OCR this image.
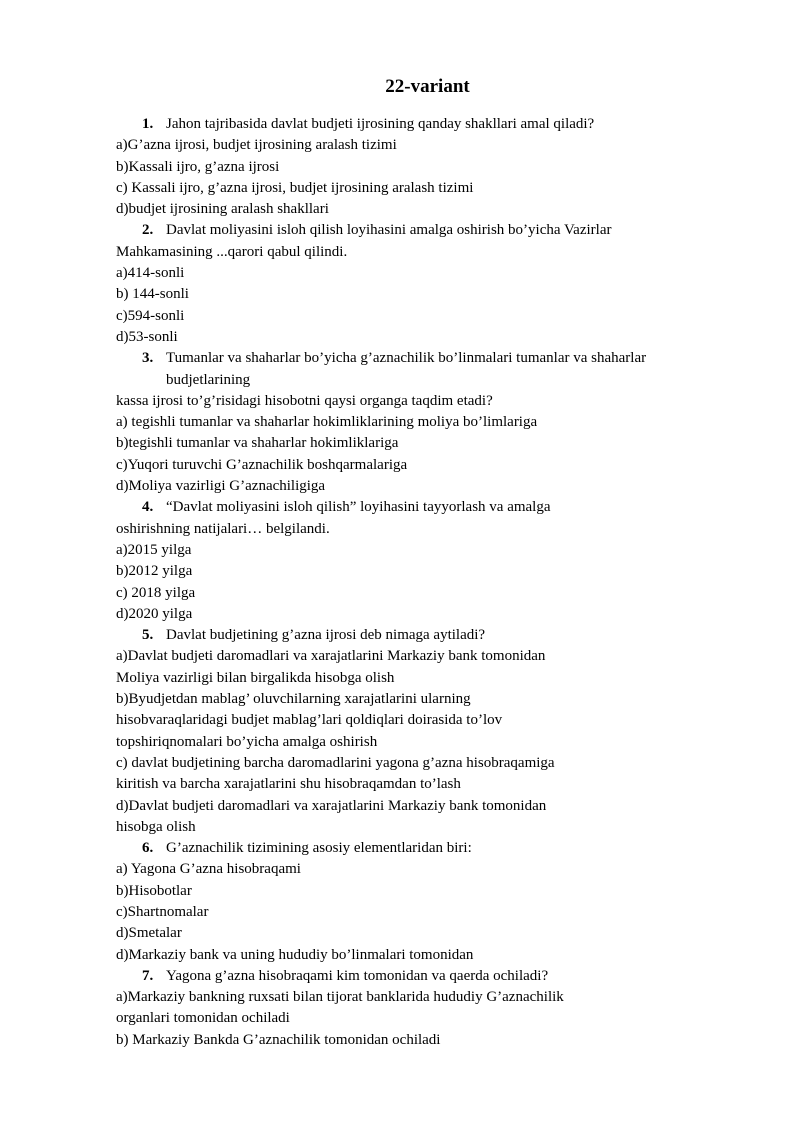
22-variant
1. Jahon tajribasida davlat budjeti ijrosining qanday shakllari amal qiladi?
a)G’azna ijrosi, budjet ijrosining aralash tizimi
b)Kassali ijro, g’azna ijrosi
c) Kassali ijro, g’azna ijrosi, budjet ijrosining aralash tizimi
d)budjet ijrosining aralash shakllari
2. Davlat moliyasini isloh qilish loyihasini amalga oshirish bo’yicha Vazirlar
Mahkamasining ...qarori qabul qilindi.
a)414-sonli
b) 144-sonli
c)594-sonli
d)53-sonli
3. Tumanlar va shaharlar bo’yicha g’aznachilik bo’linmalari tumanlar va shaharlar
budjetlarining
kassa ijrosi to’g’risidagi hisobotni qaysi organga taqdim etadi?
a) tegishli tumanlar va shaharlar hokimliklarining moliya bo’limlariga
b)tegishli tumanlar va shaharlar hokimliklariga
c)Yuqori turuvchi G’aznachilik boshqarmalariga
d)Moliya vazirligi G’aznachiligiga
4. “Davlat moliyasini isloh qilish” loyihasini tayyorlash va amalga
oshirishning natijalari… belgilandi.
a)2015 yilga
b)2012 yilga
c) 2018 yilga
d)2020 yilga
5. Davlat budjetining g’azna ijrosi deb nimaga aytiladi?
a)Davlat budjeti daromadlari va xarajatlarini Markaziy bank tomonidan
Moliya vazirligi bilan birgalikda hisobga olish
b)Byudjetdan mablag’ oluvchilarning xarajatlarini ularning
hisobvaraqlaridagi budjet mablag’lari qoldiqlari doirasida to’lov
topshiriqnomalari bo’yicha amalga oshirish
c) davlat budjetining barcha daromadlarini yagona g’azna hisobraqamiga
kiritish va barcha xarajatlarini shu hisobraqamdan to’lash
d)Davlat budjeti daromadlari va xarajatlarini Markaziy bank tomonidan
hisobga olish
6. G’aznachilik tizimining asosiy elementlaridan biri:
a) Yagona G’azna hisobraqami
b)Hisobotlar
c)Shartnomalar
d)Smetalar
d)Markaziy bank va uning hududiy bo’linmalari tomonidan
7. Yagona g’azna hisobraqami kim tomonidan va qaerda ochiladi?
a)Markaziy bankning ruxsati bilan tijorat banklarida hududiy G’aznachilik
organlari tomonidan ochiladi
b) Markaziy Bankda G’aznachilik tomonidan ochiladi
